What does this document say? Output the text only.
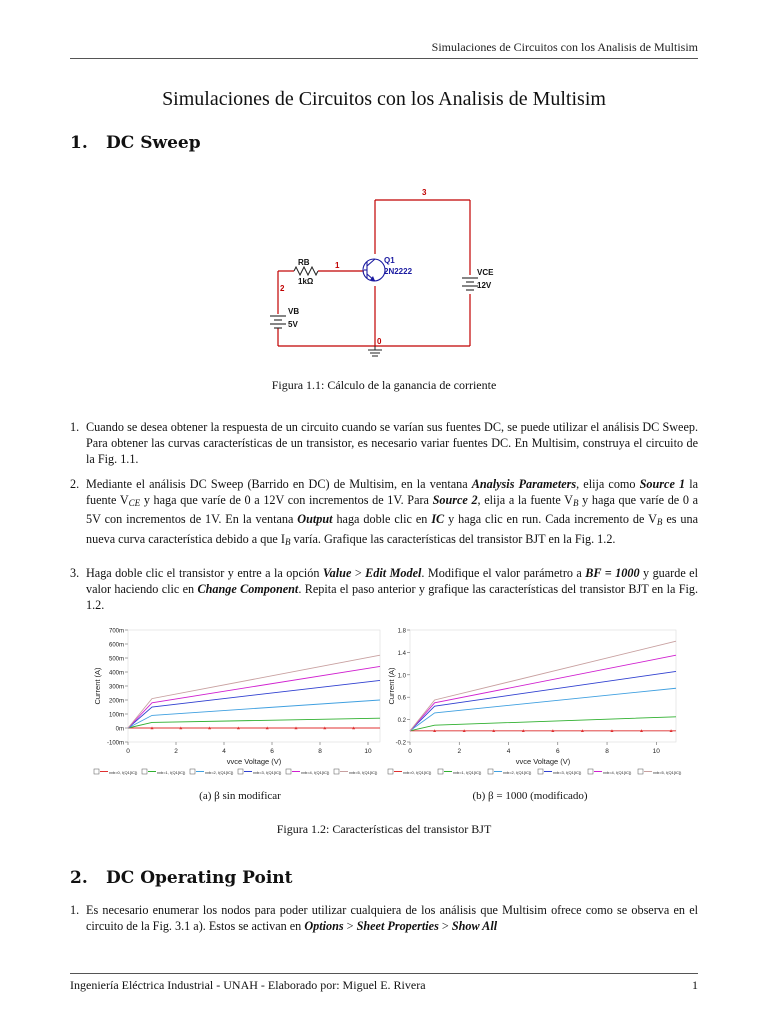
Simulaciones de Circuitos con los Analisis de Multisim
Simulaciones de Circuitos con los Analisis de Multisim
1. DC Sweep
3
1
2
0
RB
1kΩ
Q1
2N2222	VCE
12V
VB
5V
Figura 1.1: Cálculo de la ganancia de corriente
1. Cuando se desea obtener la respuesta de un circuito cuando se varían sus fuentes DC, se puede utilizar el análisis DC Sweep. Para obtener las curvas características de un transistor, es necesario variar fuentes DC. En Multisim, construya el circuito de la Fig. 1.1.
2. Mediante el análisis DC Sweep (Barrido en DC) de Multisim, en la ventana Analysis Parameters, elija como Source 1 la fuente $V_{CE}$ y haga que varíe de 0 a 12V con incrementos de 1V. Para Source 2, elija a la fuente $V_B$ y haga que varíe de 0 a 5V con incrementos de 1V. En la ventana Output haga doble clic en IC y haga clic en run. Cada incremento de $V_B$ es una nueva curva característica debido a que $I_B$ varía. Grafique las características del transistor BJT en la Fig. 1.2.
3. Haga doble clic el transistor y entre a la opción Value > Edit Model. Modifique el valor parámetro a BF = 1000 y guarde el valor haciendo clic en Change Component. Repita el paso anterior y grafique las características del transistor BJT en la Fig. 1.2.
-100m
0m
100m
200m
300m
400m
500m
600m
700m
0	2	4	6	8	10
vvce Voltage (V)
Current (A)
vvb=0, I(Q1[IC])	vvb=1, I(Q1[IC])	vvb=2, I(Q1[IC])	vvb=3, I(Q1[IC])	vvb=4, I(Q1[IC])	vvb=5, I(Q1[IC])
-0.2
0.2
0.6
1.0
1.4
1.8
0	2	4	6	8	10
vvce Voltage (V)
Current (A)
vvb=0, I(Q1[IC])	vvb=1, I(Q1[IC])	vvb=2, I(Q1[IC])	vvb=3, I(Q1[IC])	vvb=4, I(Q1[IC])	vvb=5, I(Q1[IC])
(a) β sin modificar	(b) β = 1000 (modificado)
Figura 1.2: Características del transistor BJT
2. DC Operating Point
1. Es necesario enumerar los nodos para poder utilizar cualquiera de los análisis que Multisim ofrece como se observa en el circuito de la Fig. 3.1 a). Estos se activan en Options > Sheet Properties > Show All
Ingeniería Eléctrica Industrial - UNAH - Elaborado por: Miguel E. Rivera	1
